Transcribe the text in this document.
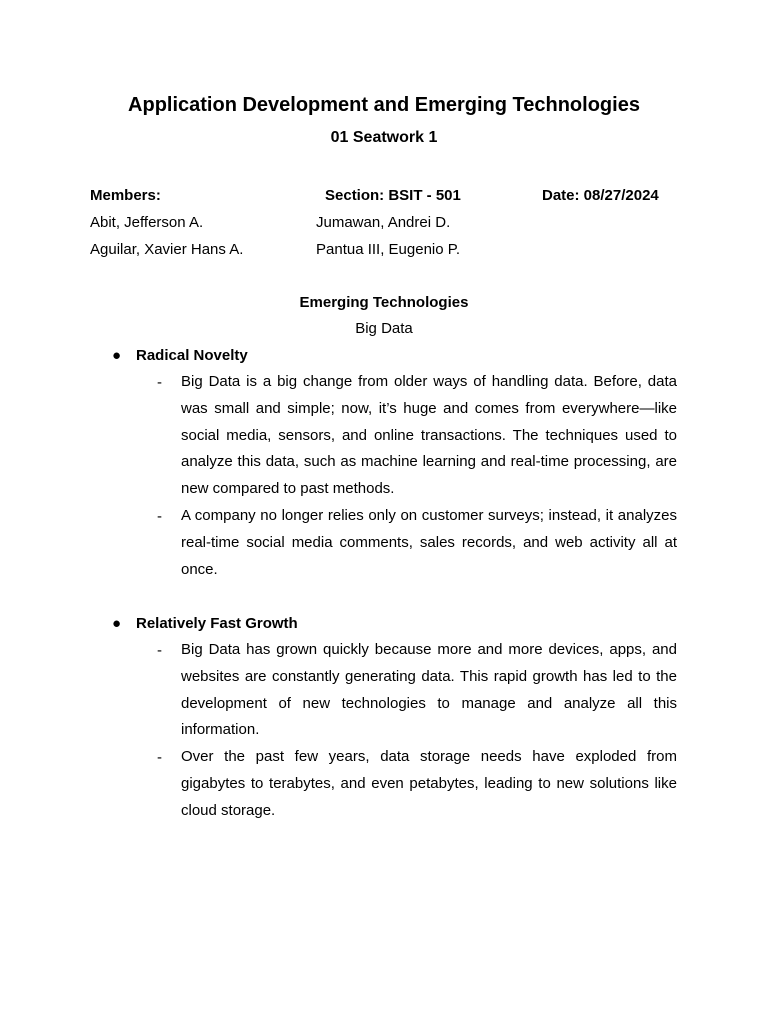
Application Development and Emerging Technologies
01 Seatwork 1
Members:	Section: BSIT - 501	Date: 08/27/2024
Abit, Jefferson A.
Aguilar, Xavier Hans A.
Jumawan, Andrei D.
Pantua III, Eugenio P.
Emerging Technologies
Big Data
● Radical Novelty
- Big Data is a big change from older ways of handling data. Before, data was small and simple; now, it’s huge and comes from everywhere—like social media, sensors, and online transactions. The techniques used to analyze this data, such as machine learning and real-time processing, are new compared to past methods.
- A company no longer relies only on customer surveys; instead, it analyzes real-time social media comments, sales records, and web activity all at once.
● Relatively Fast Growth
- Big Data has grown quickly because more and more devices, apps, and websites are constantly generating data. This rapid growth has led to the development of new technologies to manage and analyze all this information.
- Over the past few years, data storage needs have exploded from gigabytes to terabytes, and even petabytes, leading to new solutions like cloud storage.
